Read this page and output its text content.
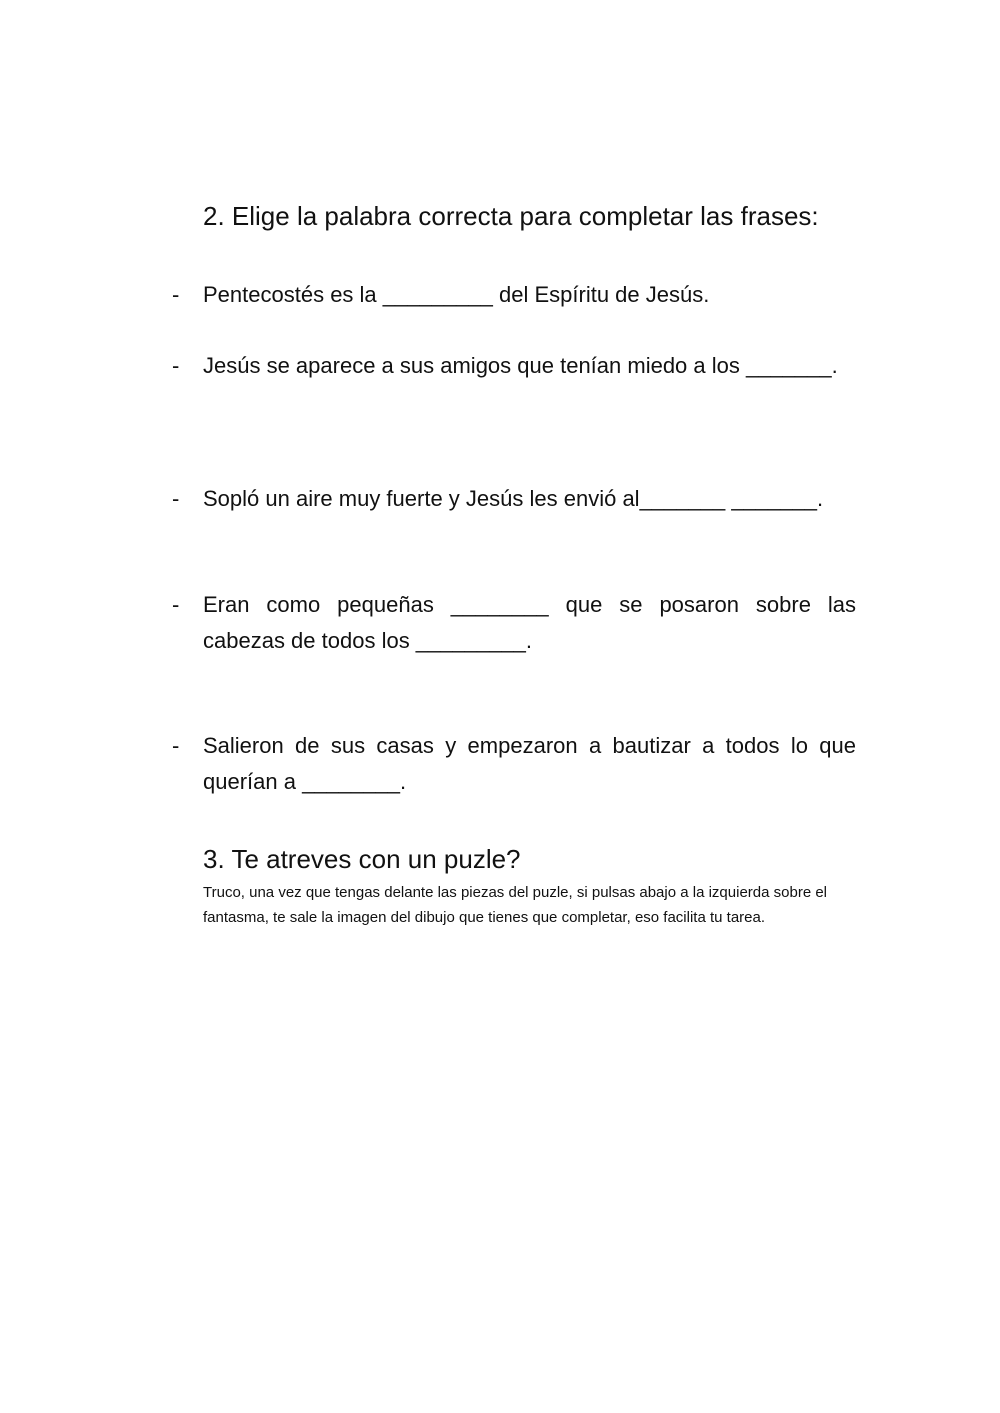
2. Elige la palabra correcta para completar las frases:
- Pentecostés es la _________ del Espíritu de Jesús.
- Jesús se aparece a sus amigos que tenían miedo a los _______.
- Sopló un aire muy fuerte y Jesús les envió al_______ _______.
- Eran como pequeñas ________ que se posaron sobre las cabezas de todos los _________.
- Salieron de sus casas y empezaron a bautizar a todos lo que querían a ________.
3. Te atreves con un puzle?
Truco, una vez que tengas delante las piezas del puzle, si pulsas abajo a la izquierda sobre el fantasma, te sale la imagen del dibujo que tienes que completar, eso facilita tu tarea.
